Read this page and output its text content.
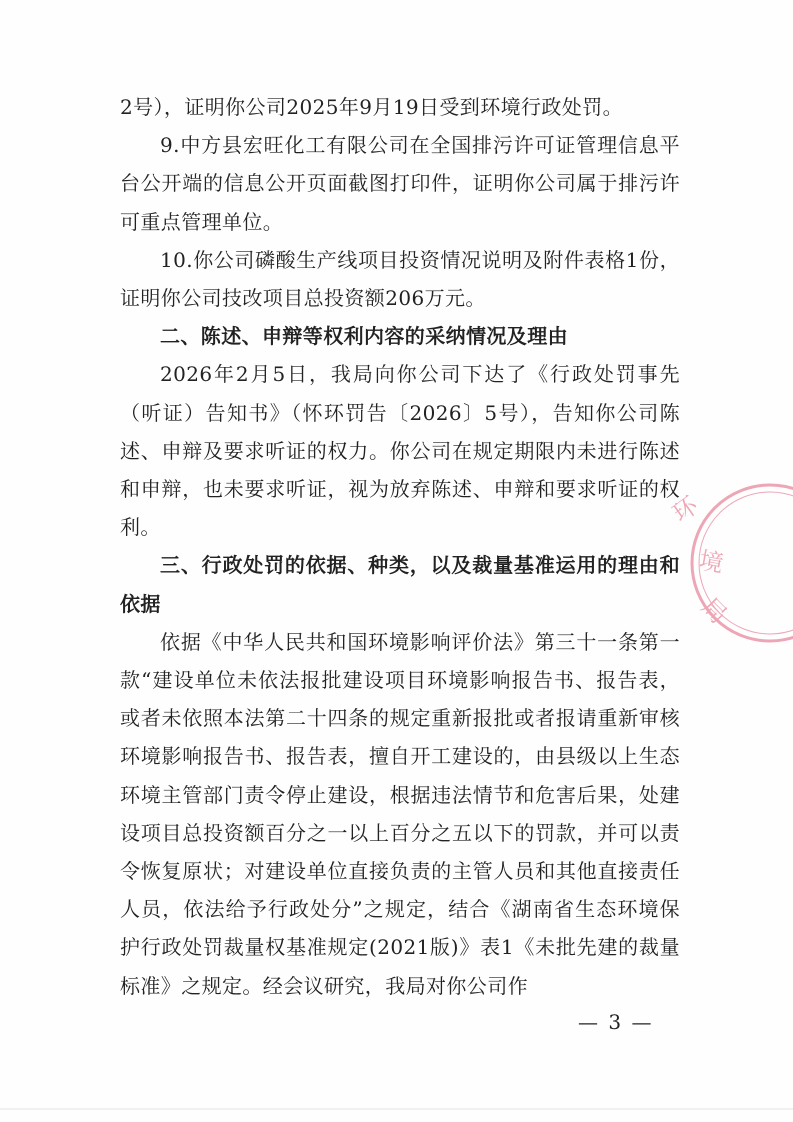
2号），证明你公司2025年9月19日受到环境行政处罚。

9.中方县宏旺化工有限公司在全国排污许可证管理信息平台公开端的信息公开页面截图打印件，证明你公司属于排污许可重点管理单位。

10.你公司磷酸生产线项目投资情况说明及附件表格1份，证明你公司技改项目总投资额206万元。

二、陈述、申辩等权利内容的采纳情况及理由

2026年2月5日，我局向你公司下达了《行政处罚事先（听证）告知书》（怀环罚告〔2026〕5号），告知你公司陈述、申辩及要求听证的权力。你公司在规定期限内未进行陈述和申辩，也未要求听证，视为放弃陈述、申辩和要求听证的权利。

三、行政处罚的依据、种类，以及裁量基准运用的理由和依据

依据《中华人民共和国环境影响评价法》第三十一条第一款“建设单位未依法报批建设项目环境影响报告书、报告表，或者未依照本法第二十四条的规定重新报批或者报请重新审核环境影响报告书、报告表，擅自开工建设的，由县级以上生态环境主管部门责令停止建设，根据违法情节和危害后果，处建设项目总投资额百分之一以上百分之五以下的罚款，并可以责令恢复原状；对建设单位直接负责的主管人员和其他直接责任人员，依法给予行政处分”之规定，结合《湖南省生态环境保护行政处罚裁量权基准规定(2021版)》表1《未批先建的裁量标准》之规定。经会议研究，我局对你公司作

环
境
局
— 3 —
